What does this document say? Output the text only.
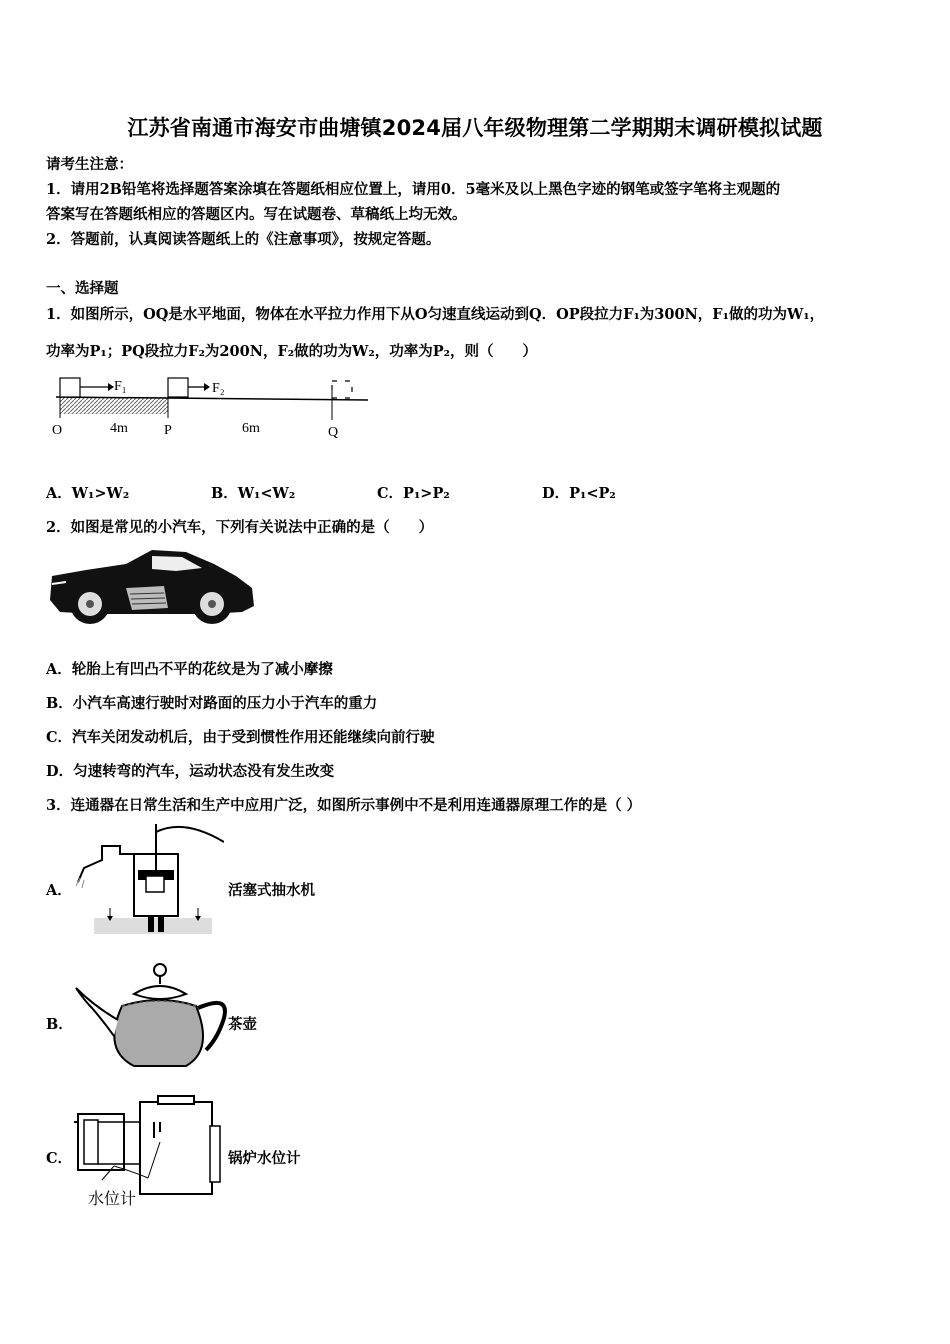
江苏省南通市海安市曲塘镇2024届八年级物理第二学期期末调研模拟试题
请考生注意：
1．请用2B铅笔将选择题答案涂填在答题纸相应位置上，请用0．5毫米及以上黑色字迹的钢笔或签字笔将主观题的
答案写在答题纸相应的答题区内。写在试题卷、草稿纸上均无效。
2．答题前，认真阅读答题纸上的《注意事项》，按规定答题。
一、选择题
1．如图所示，OQ是水平地面，物体在水平拉力作用下从O匀速直线运动到Q．OP段拉力F₁为300N，F₁做的功为W₁，
功率为P₁；PQ段拉力F₂为200N，F₂做的功为W₂，功率为P₂，则（　　）
F₁	F₂
O	4m	P	6m	Q
A．W₁>W₂	B．W₁<W₂	C．P₁>P₂	D．P₁<P₂
2．如图是常见的小汽车，下列有关说法中正确的是（　　）
A．轮胎上有凹凸不平的花纹是为了减小摩擦
B．小汽车高速行驶时对路面的压力小于汽车的重力
C．汽车关闭发动机后，由于受到惯性作用还能继续向前行驶
D．匀速转弯的汽车，运动状态没有发生改变
3．连通器在日常生活和生产中应用广泛，如图所示事例中不是利用连通器原理工作的是（ ）
A．	活塞式抽水机
B．	茶壶
C．
水位计
锅炉水位计
